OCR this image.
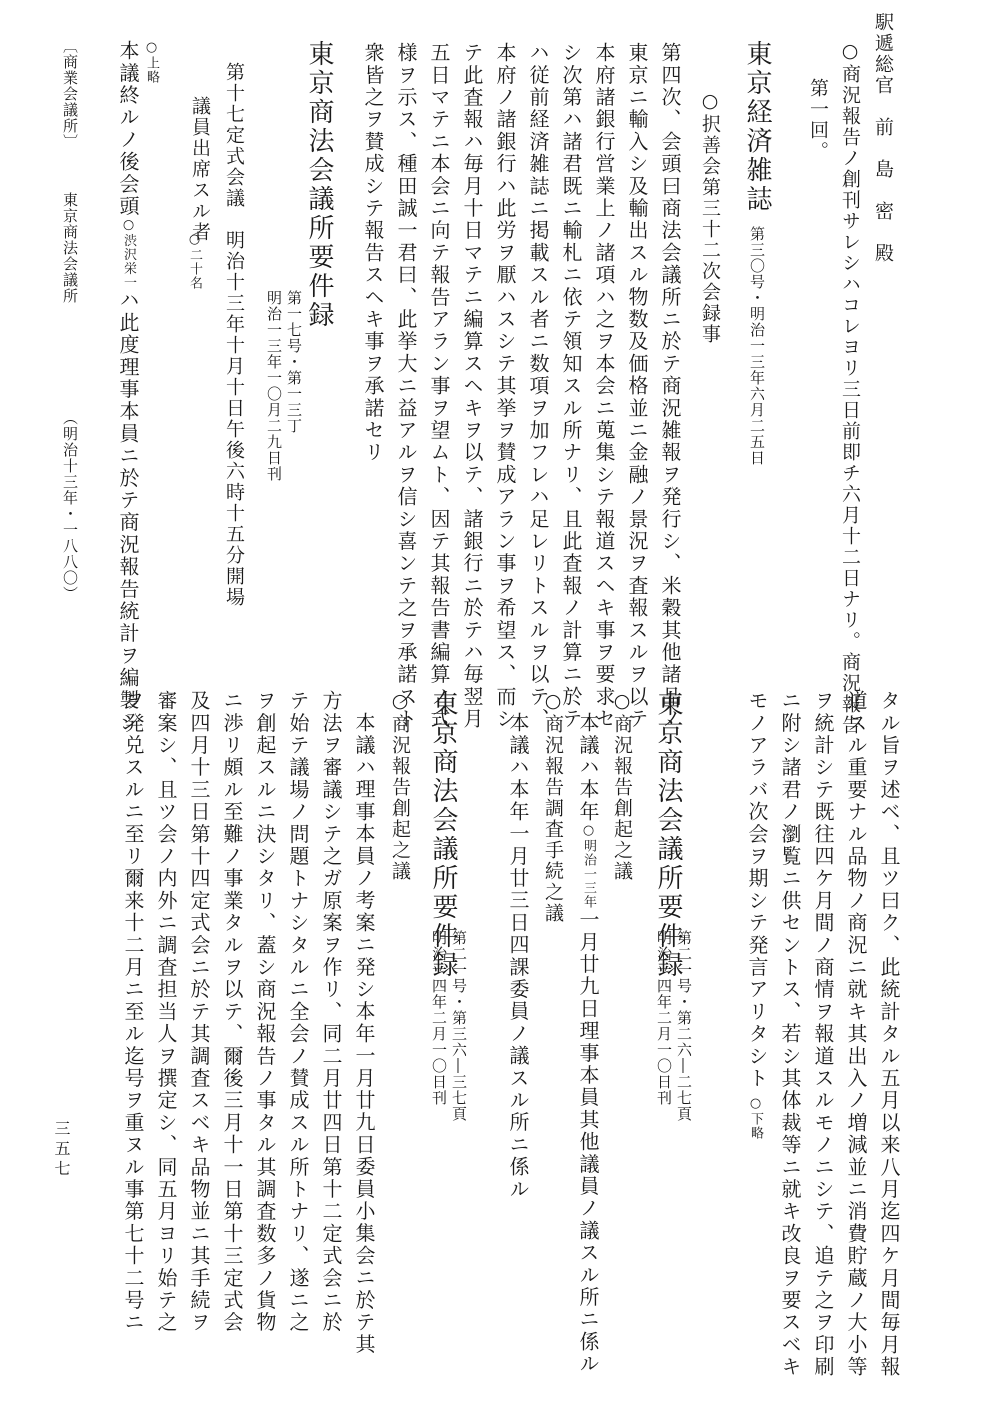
駅遞総官　前　島　密　殿
○商況報告ノ創刊サレシハコレヨリ三日前即チ六月十二日ナリ。商況報告
第一回。
東京経済雑誌
第三〇号・明治一三年六月二五日
○択善会第三十二次会録事
第四次、会頭曰商法会議所ニ於テ商況雑報ヲ発行シ、米穀其他諸品ノ
東京ニ輸入シ及輸出スル物数及価格並ニ金融ノ景況ヲ査報スルヲ以テ
本府諸銀行営業上ノ諸項ハ之ヲ本会ニ蒐集シテ報道スヘキ事ヲ要求セ
シ次第ハ諸君既ニ輸札ニ依テ領知スル所ナリ、且此査報ノ計算ニ於テ
ハ従前経済雑誌ニ掲載スル者ニ数項ヲ加フレハ足レリトスルヲ以テ、
本府ノ諸銀行ハ此労ヲ厭ハスシテ其挙ヲ賛成アラン事ヲ希望ス、而シ
テ此査報ハ毎月十日マテニ編算スヘキヲ以テ、諸銀行ニ於テハ毎翌月
五日マテニ本会ニ向テ報告アラン事ヲ望ムト、因テ其報告書編算ノ式
様ヲ示ス、種田誠一君曰、此挙大ニ益アルヲ信シ喜ンテ之ヲ承諾スト
衆皆之ヲ賛成シテ報告スヘキ事ヲ承諾セリ
東京商法会議所要件録
第一七号・第一三丁
明治一三年一〇月二九日刊
第十七定式会議　明治十三年十月十日午後六時十五分開場
議員出席スル者
○二十名
○上略
本議終ルノ後会頭○渋沢栄一ハ此度理事本員ニ於テ商況報告統計ヲ編製シ
〔商業会議所〕
東京商法会議所
（明治十三年・一八八〇）
タル旨ヲ述ベ、且ツ曰ク、此統計タル五月以来八月迄四ケ月間毎月報
道スル重要ナル品物ノ商況ニ就キ其出入ノ増減並ニ消費貯蔵ノ大小等
ヲ統計シテ既往四ケ月間ノ商情ヲ報道スルモノニシテ、追テ之ヲ印刷
ニ附シ諸君ノ瀏覧ニ供セントス、若シ其体裁等ニ就キ改良ヲ要スベキ
モノアラバ次会ヲ期シテ発言アリタシト
○下略
東京商法会議所要件録
第二一号・第二六―二七頁
明治一四年二月一〇日刊
○商況報告創起之議
本議ハ本年○明治一三年一月廿九日理事本員其他議員ノ議スル所ニ係ル
○商況報告調査手続之議
本議ハ本年一月廿三日四課委員ノ議スル所ニ係ル
東京商法会議所要件録
第二一号・第三六―三七頁
明治一四年二月一〇日刊
○商況報告創起之議
本議ハ理事本員ノ考案ニ発シ本年一月廿九日委員小集会ニ於テ其
方法ヲ審議シテ之ガ原案ヲ作リ、同二月廿四日第十二定式会ニ於
テ始テ議場ノ問題トナシタルニ全会ノ賛成スル所トナリ、遂ニ之
ヲ創起スルニ決シタリ、蓋シ商況報告ノ事タル其調査数多ノ貨物
ニ渉リ頗ル至難ノ事業タルヲ以テ、爾後三月十一日第十三定式会
及四月十三日第十四定式会ニ於テ其調査スベキ品物並ニ其手続ヲ
審案シ、且ツ会ノ内外ニ調査担当人ヲ撰定シ、同五月ヨリ始テ之
ヲ発兑スルニ至リ爾来十二月ニ至ル迄号ヲ重ヌル事第七十二号ニ
三五七
